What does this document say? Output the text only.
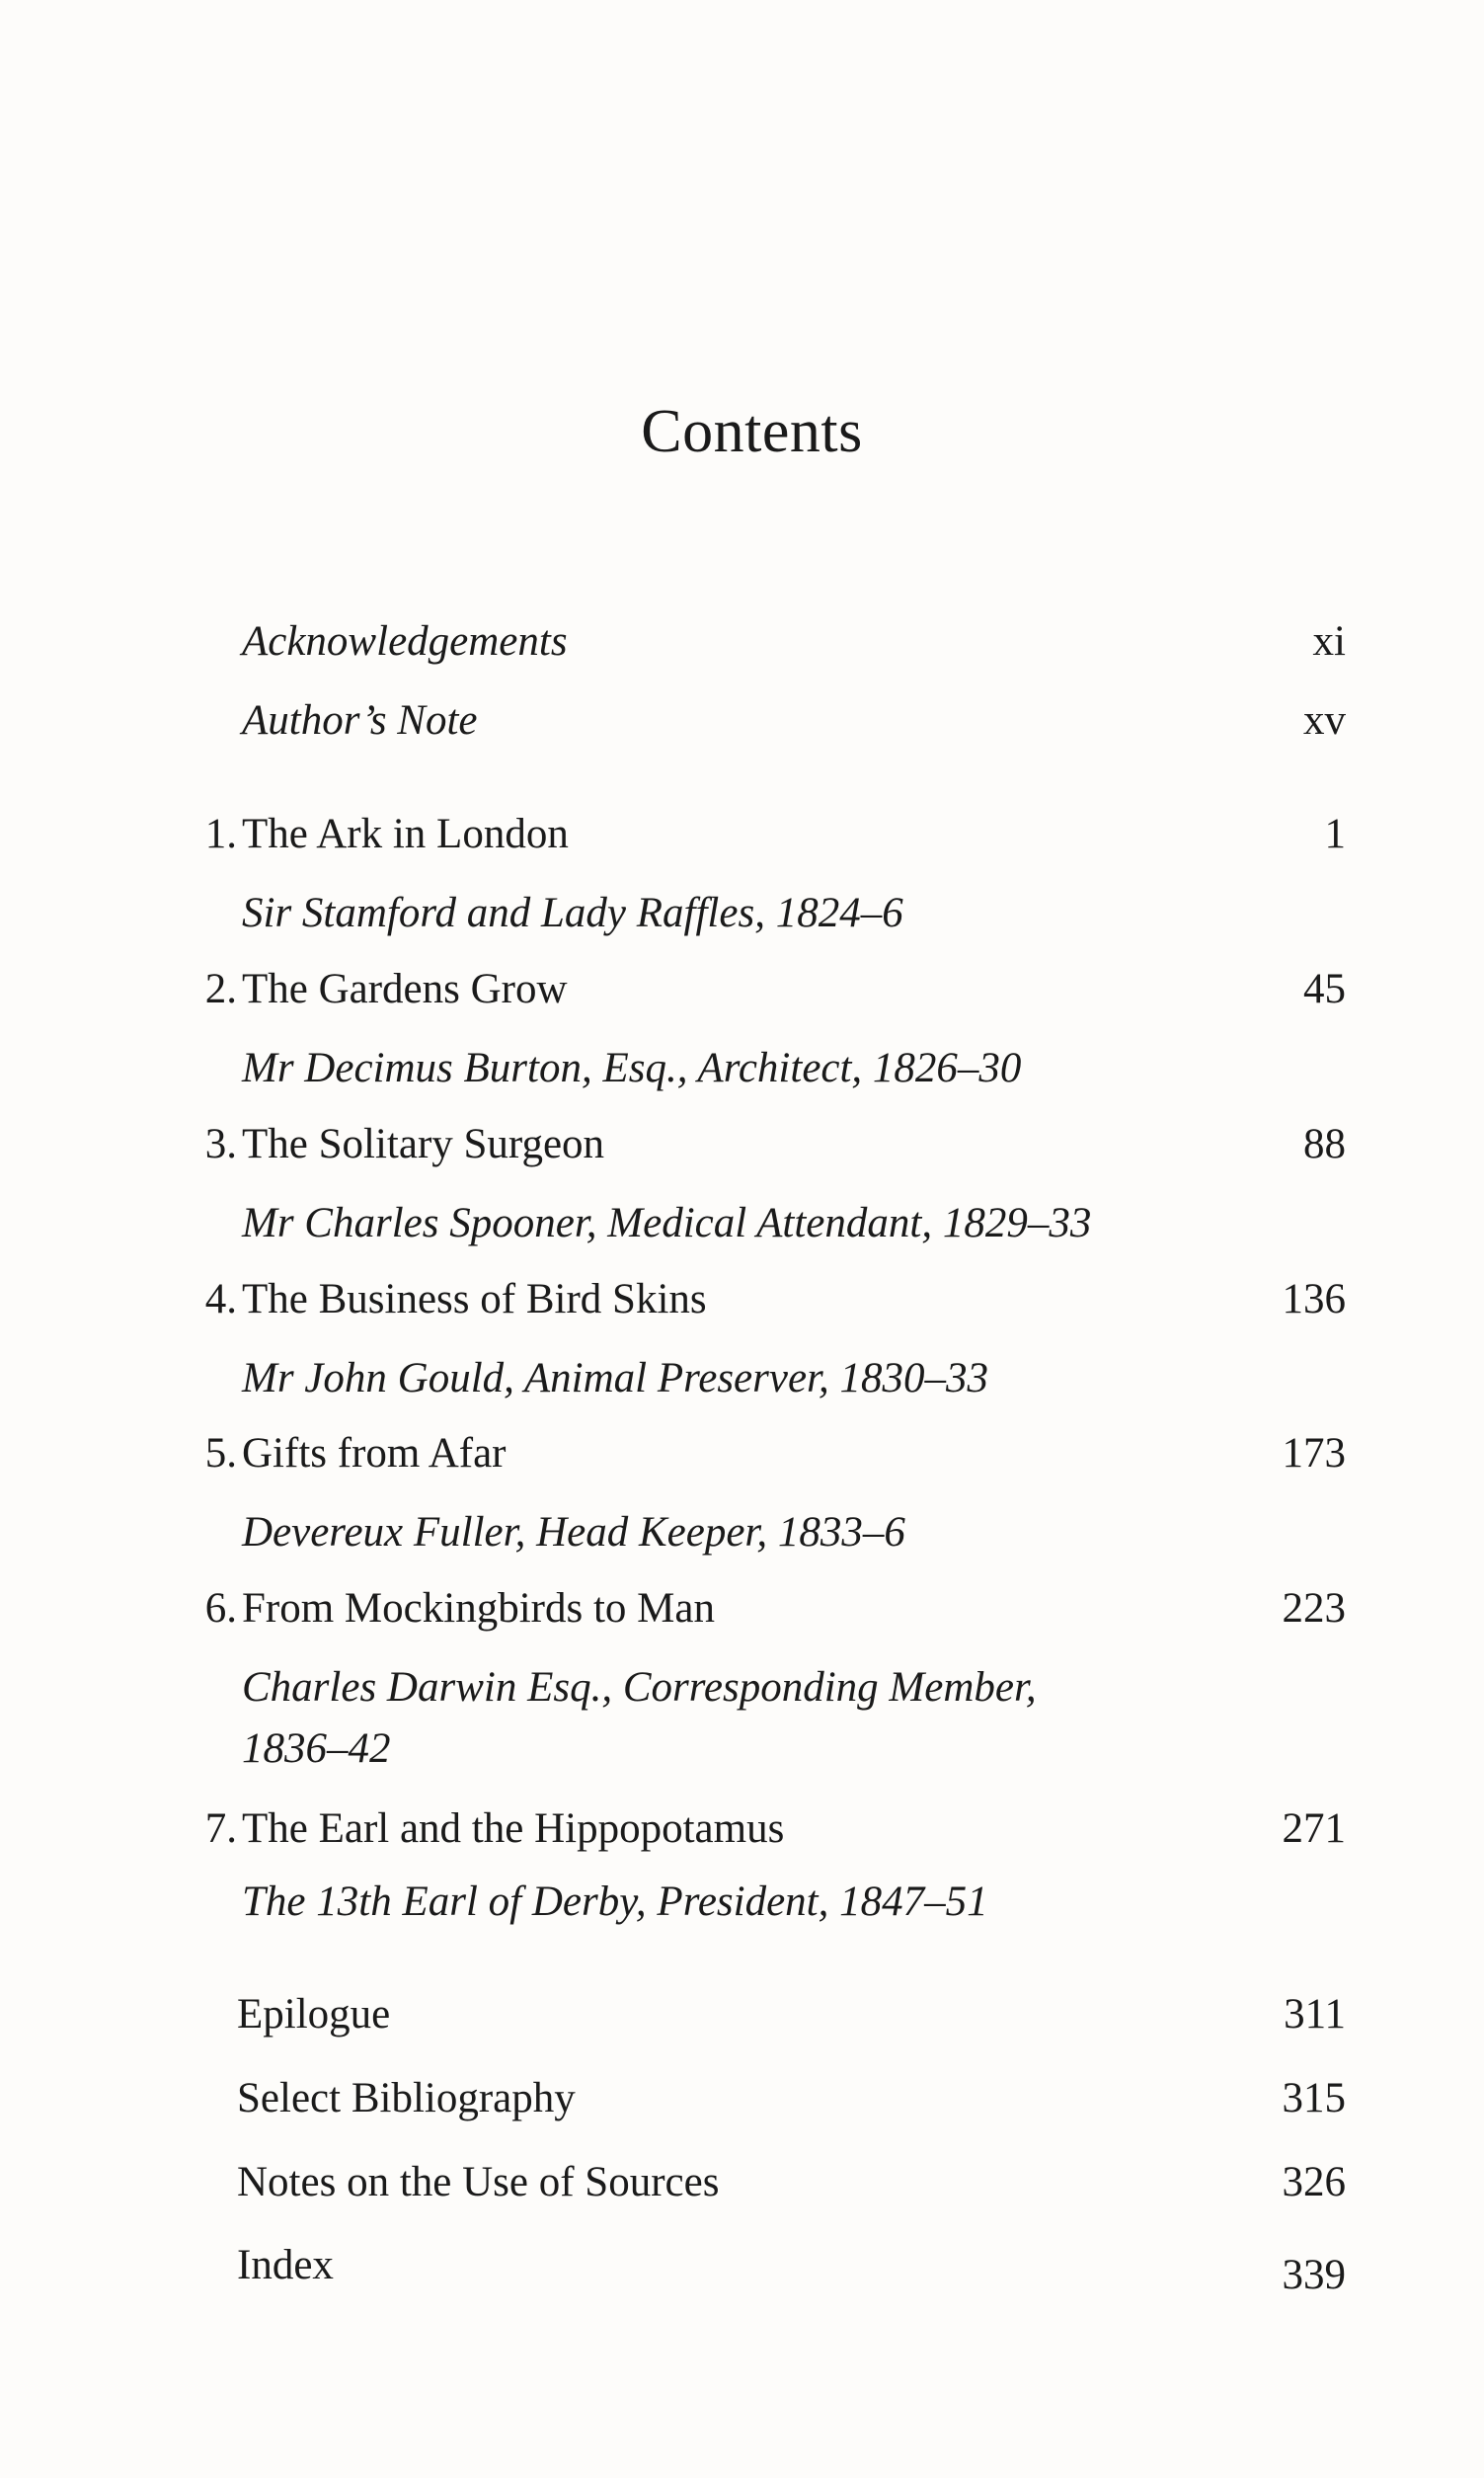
Contents
Acknowledgements	xi
Author’s Note	xv
1. The Ark in London	1
Sir Stamford and Lady Raffles, 1824–6
2. The Gardens Grow	45
Mr Decimus Burton, Esq., Architect, 1826–30
3. The Solitary Surgeon	88
Mr Charles Spooner, Medical Attendant, 1829–33
4. The Business of Bird Skins	136
Mr John Gould, Animal Preserver, 1830–33
5. Gifts from Afar	173
Devereux Fuller, Head Keeper, 1833–6
6. From Mockingbirds to Man	223
Charles Darwin Esq., Corresponding Member,
1836–42
7. The Earl and the Hippopotamus	271
The 13th Earl of Derby, President, 1847–51
Epilogue	311
Select Bibliography	315
Notes on the Use of Sources	326
Index	339
